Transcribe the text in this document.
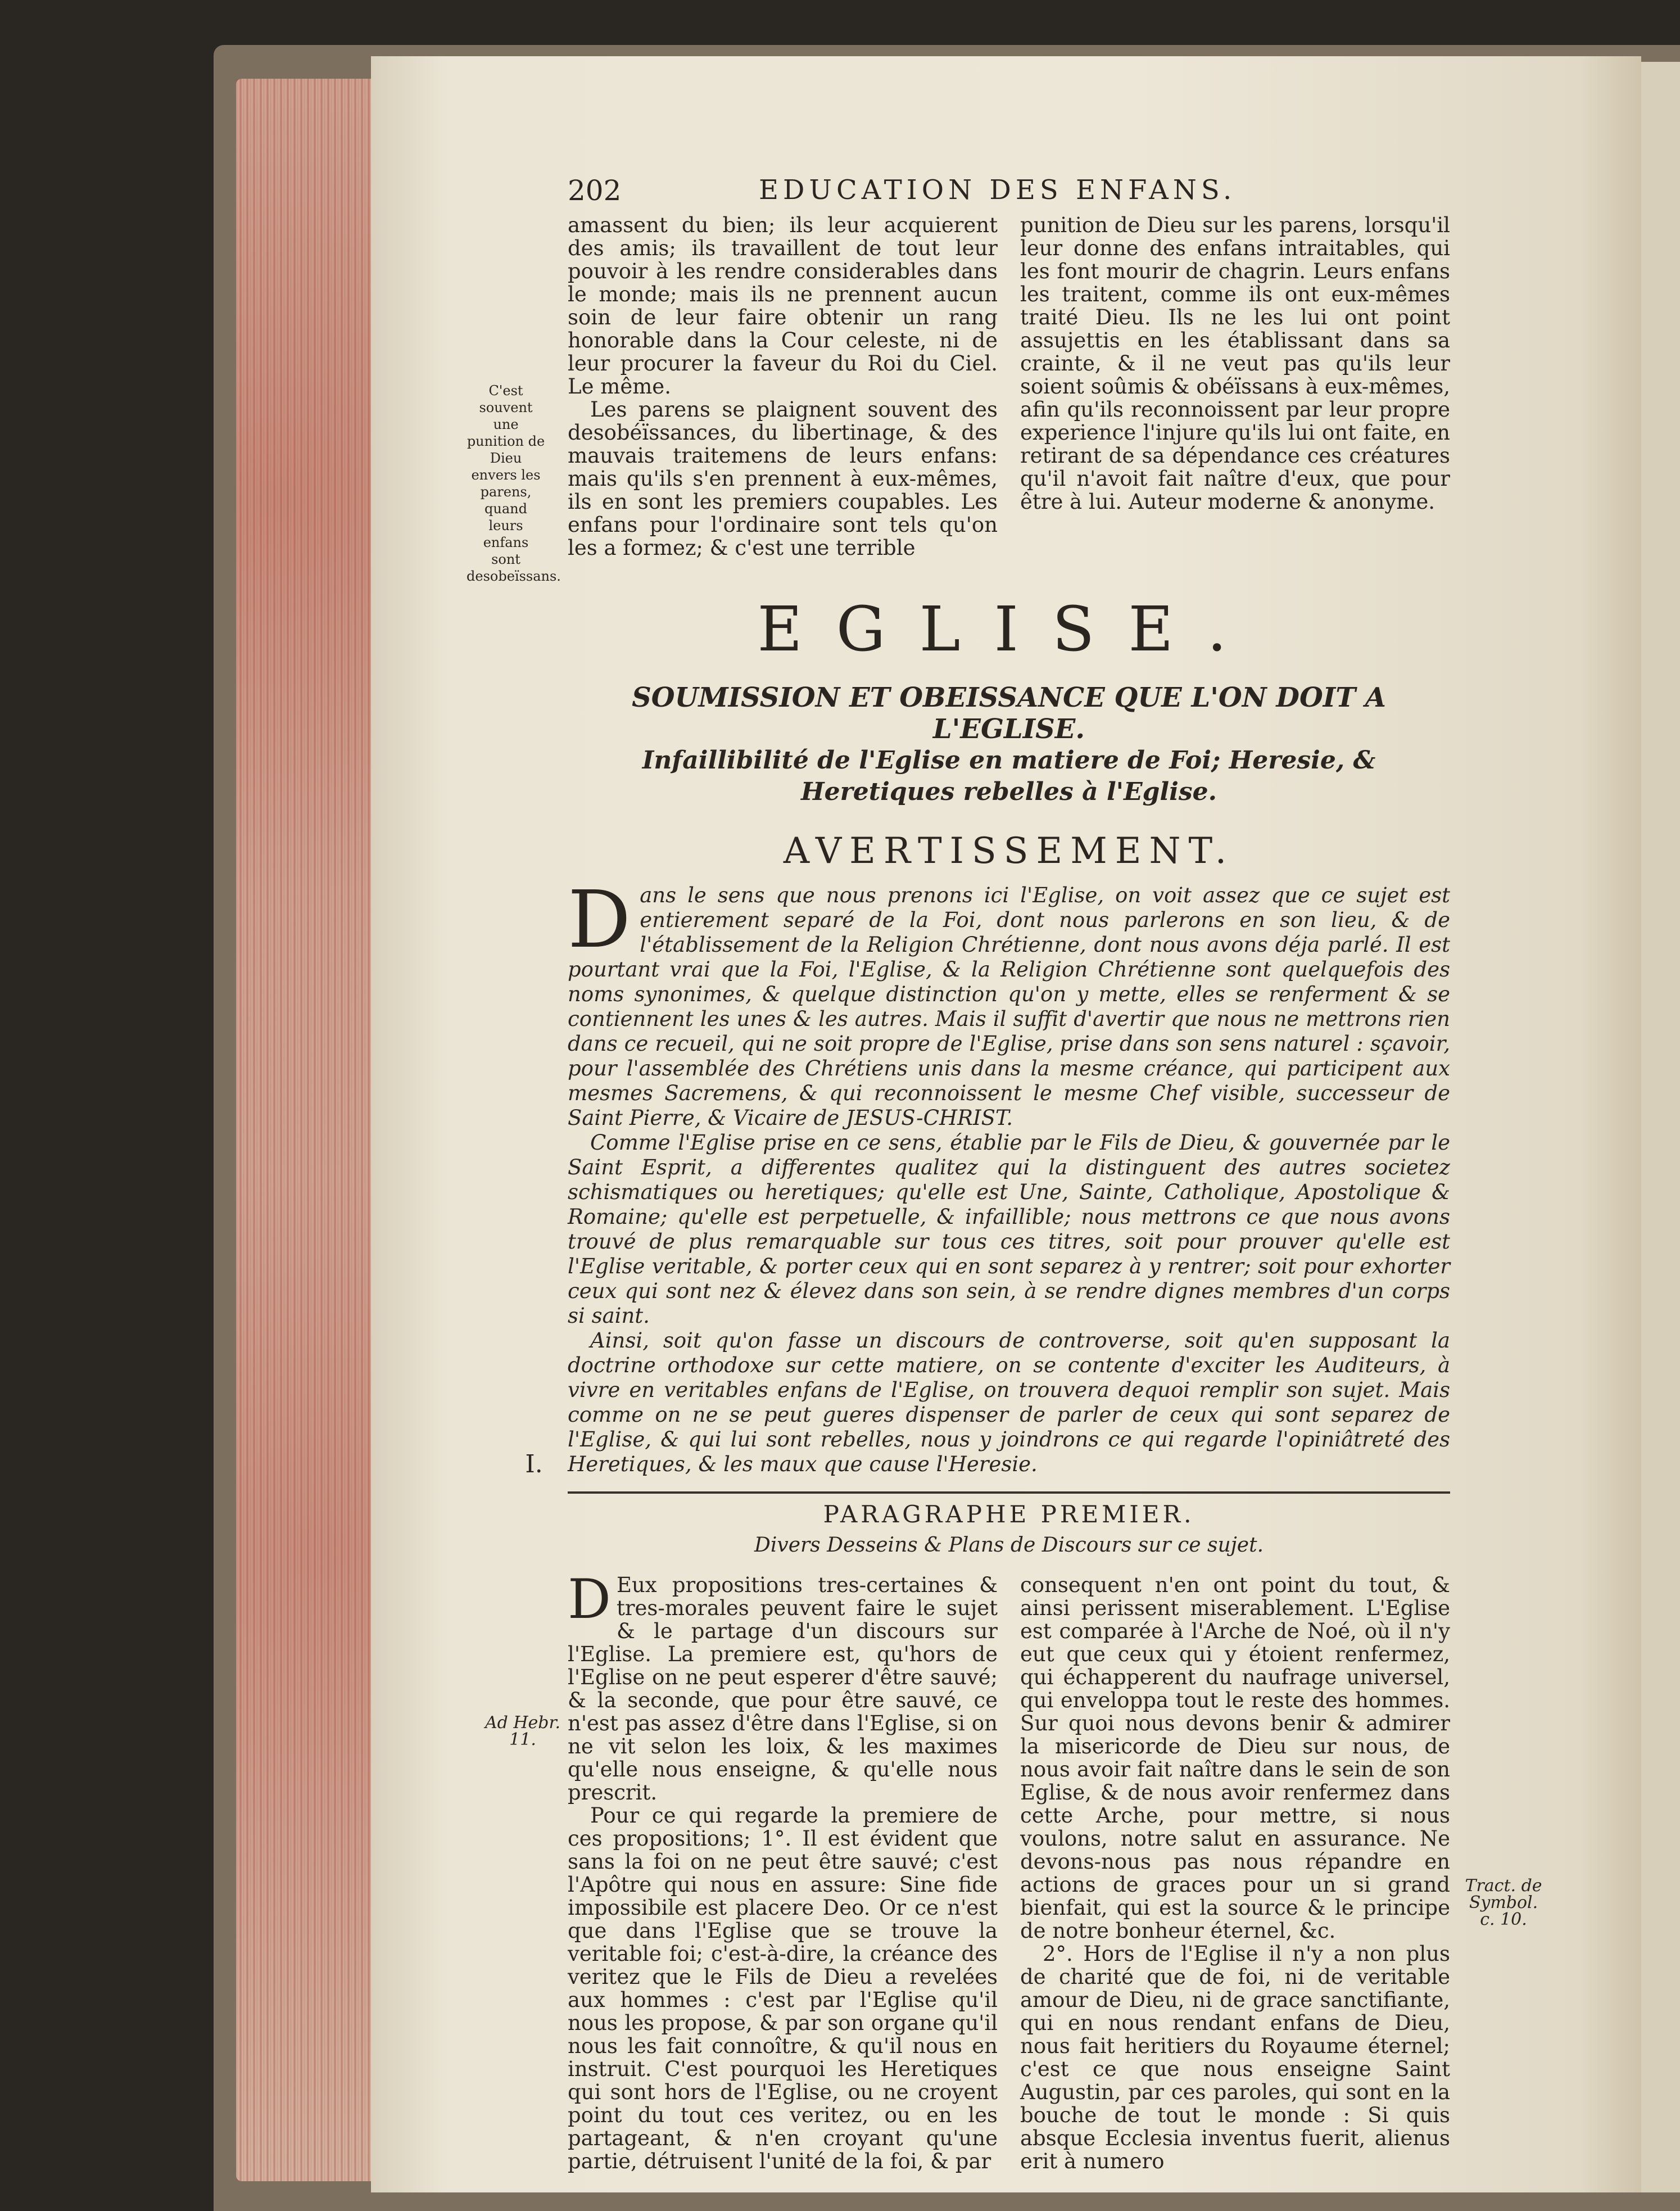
C'est souvent une punition de Dieu envers les parens, quand leurs enfans sont desobeïssans.
I.
Ad Hebr. 11.
Tract. de Symbol. c. 10.
202	EDUCATION DES ENFANS.

amassent du bien; ils leur acquierent des amis; ils travaillent de tout leur pouvoir à les rendre considerables dans le monde; mais ils ne prennent aucun soin de leur faire obtenir un rang honorable dans la Cour celeste, ni de leur procurer la faveur du Roi du Ciel. Le même.

Les parens se plaignent souvent des desobéïssances, du libertinage, & des mauvais traitemens de leurs enfans: mais qu'ils s'en prennent à eux-mêmes, ils en sont les premiers coupables. Les enfans pour l'ordinaire sont tels qu'on les a formez; & c'est une terrible

punition de Dieu sur les parens, lorsqu'il leur donne des enfans intraitables, qui les font mourir de chagrin. Leurs enfans les traitent, comme ils ont eux-mêmes traité Dieu. Ils ne les lui ont point assujettis en les établissant dans sa crainte, & il ne veut pas qu'ils leur soient soûmis & obéïssans à eux-mêmes, afin qu'ils reconnoissent par leur propre experience l'injure qu'ils lui ont faite, en retirant de sa dépendance ces créatures qu'il n'avoit fait naître d'eux, que pour être à lui. Auteur moderne & anonyme.

EGLISE.
SOUMISSION ET OBEISSANCE QUE L'ON DOIT A L'EGLISE.
Infaillibilité de l'Eglise en matiere de Foi; Heresie, & Heretiques rebelles à l'Eglise.
AVERTISSEMENT.

Dans le sens que nous prenons ici l'Eglise, on voit assez que ce sujet est entierement separé de la Foi, dont nous parlerons en son lieu, & de l'établissement de la Religion Chrétienne, dont nous avons déja parlé. Il est pourtant vrai que la Foi, l'Eglise, & la Religion Chrétienne sont quelquefois des noms synonimes, & quelque distinction qu'on y mette, elles se renferment & se contiennent les unes & les autres. Mais il suffit d'avertir que nous ne mettrons rien dans ce recueil, qui ne soit propre de l'Eglise, prise dans son sens naturel : sçavoir, pour l'assemblée des Chrétiens unis dans la mesme créance, qui participent aux mesmes Sacremens, & qui reconnoissent le mesme Chef visible, successeur de Saint Pierre, & Vicaire de JESUS-CHRIST.

Comme l'Eglise prise en ce sens, établie par le Fils de Dieu, & gouvernée par le Saint Esprit, a differentes qualitez qui la distinguent des autres societez schismatiques ou heretiques; qu'elle est Une, Sainte, Catholique, Apostolique & Romaine; qu'elle est perpetuelle, & infaillible; nous mettrons ce que nous avons trouvé de plus remarquable sur tous ces titres, soit pour prouver qu'elle est l'Eglise veritable, & porter ceux qui en sont separez à y rentrer; soit pour exhorter ceux qui sont nez & élevez dans son sein, à se rendre dignes membres d'un corps si saint.

Ainsi, soit qu'on fasse un discours de controverse, soit qu'en supposant la doctrine orthodoxe sur cette matiere, on se contente d'exciter les Auditeurs, à vivre en veritables enfans de l'Eglise, on trouvera dequoi remplir son sujet. Mais comme on ne se peut gueres dispenser de parler de ceux qui sont separez de l'Eglise, & qui lui sont rebelles, nous y joindrons ce qui regarde l'opiniâtreté des Heretiques, & les maux que cause l'Heresie.

PARAGRAPHE PREMIER.
Divers Desseins & Plans de Discours sur ce sujet.

D Eux propositions tres-certaines & tres-morales peuvent faire le sujet & le partage d'un discours sur l'Eglise. La premiere est, qu'hors de l'Eglise on ne peut esperer d'être sauvé; & la seconde, que pour être sauvé, ce n'est pas assez d'être dans l'Eglise, si on ne vit selon les loix, & les maximes qu'elle nous enseigne, & qu'elle nous prescrit.

Pour ce qui regarde la premiere de ces propositions; 1°. Il est évident que sans la foi on ne peut être sauvé; c'est l'Apôtre qui nous en assure: Sine fide impossibile est placere Deo. Or ce n'est que dans l'Eglise que se trouve la veritable foi; c'est-à-dire, la créance des veritez que le Fils de Dieu a revelées aux hommes : c'est par l'Eglise qu'il nous les propose, & par son organe qu'il nous les fait connoître, & qu'il nous en instruit. C'est pourquoi les Heretiques qui sont hors de l'Eglise, ou ne croyent point du tout ces veritez, ou en les partageant, & n'en croyant qu'une partie, détruisent l'unité de la foi, & par

consequent n'en ont point du tout, & ainsi perissent miserablement. L'Eglise est comparée à l'Arche de Noé, où il n'y eut que ceux qui y étoient renfermez, qui échapperent du naufrage universel, qui enveloppa tout le reste des hommes. Sur quoi nous devons benir & admirer la misericorde de Dieu sur nous, de nous avoir fait naître dans le sein de son Eglise, & de nous avoir renfermez dans cette Arche, pour mettre, si nous voulons, notre salut en assurance. Ne devons-nous pas nous répandre en actions de graces pour un si grand bienfait, qui est la source & le principe de notre bonheur éternel, &c.

2°. Hors de l'Eglise il n'y a non plus de charité que de foi, ni de veritable amour de Dieu, ni de grace sanctifiante, qui en nous rendant enfans de Dieu, nous fait heritiers du Royaume éternel; c'est ce que nous enseigne Saint Augustin, par ces paroles, qui sont en la bouche de tout le monde : Si quis absque Ecclesia inventus fuerit, alienus erit à numero
